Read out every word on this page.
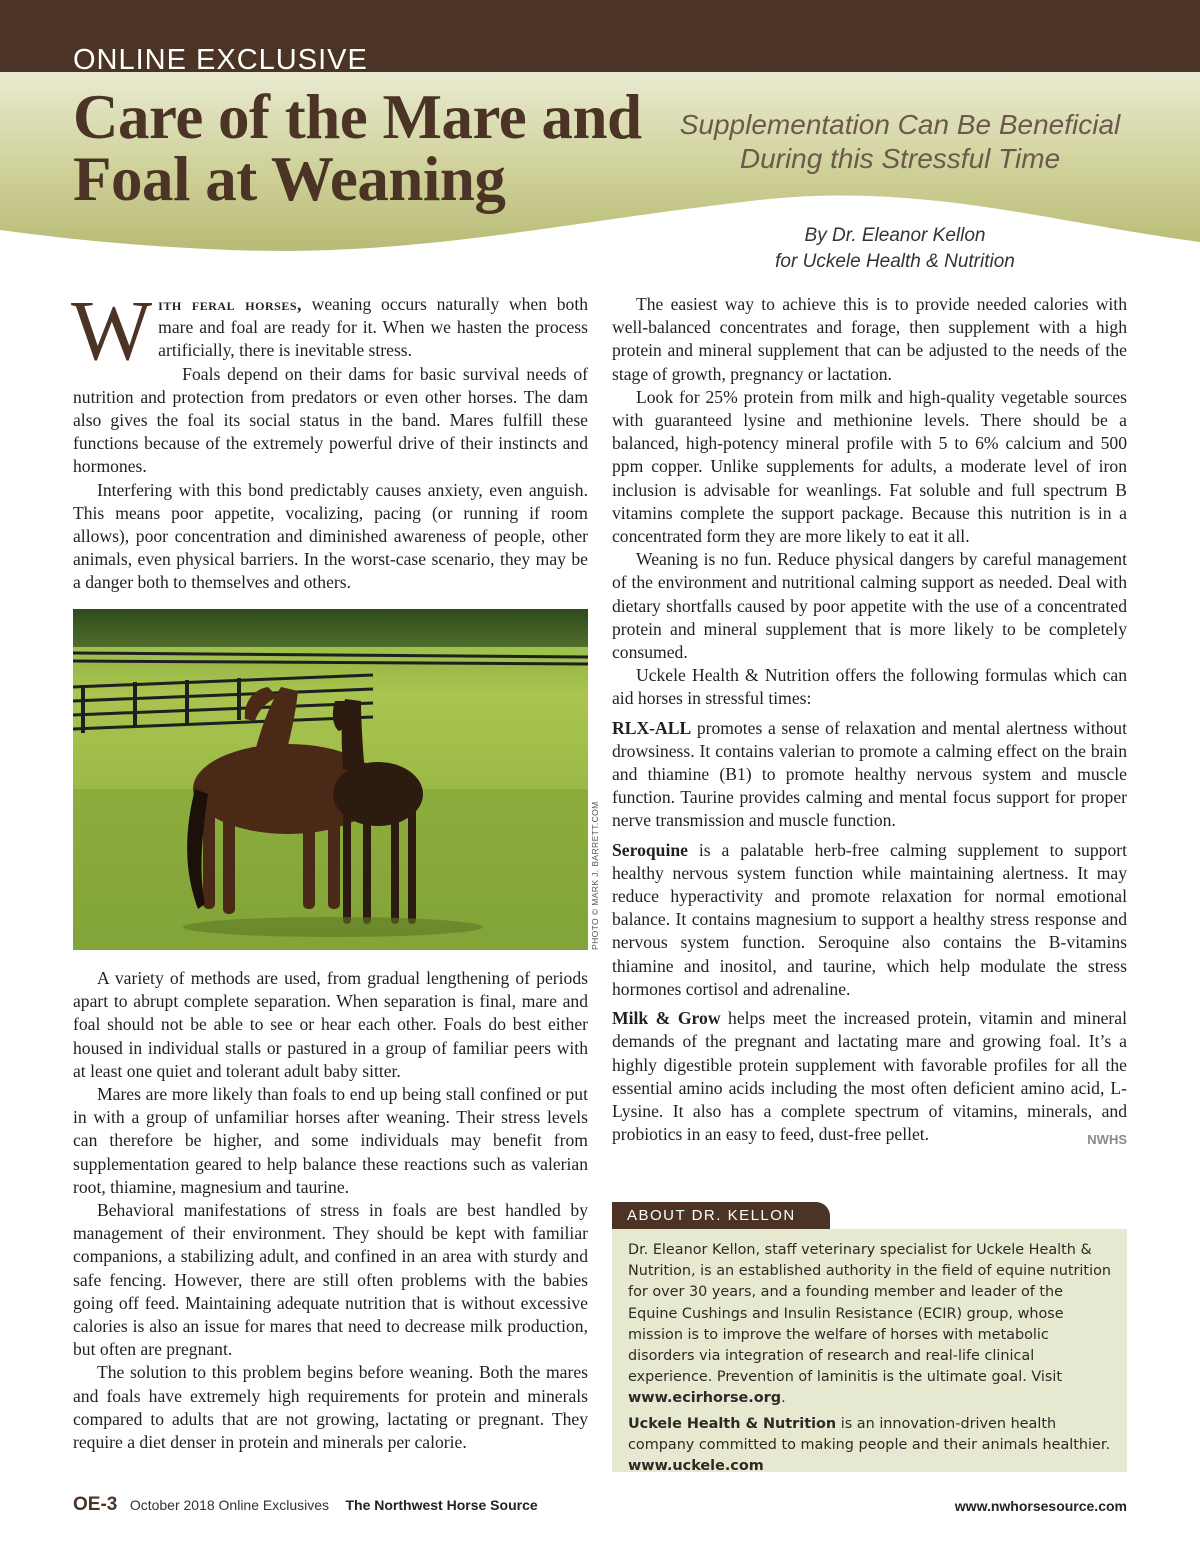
ONLINE EXCLUSIVE
Care of the Mare and Foal at Weaning
Supplementation Can Be Beneficial During this Stressful Time
By Dr. Eleanor Kellon
for Uckele Health & Nutrition

With feral horses, weaning occurs naturally when both mare and foal are ready for it. When we hasten the process artificially, there is inevitable stress.

Foals depend on their dams for basic survival needs of nutrition and protection from predators or even other horses. The dam also gives the foal its social status in the band. Mares fulfill these functions because of the extremely powerful drive of their instincts and hormones.

Interfering with this bond predictably causes anxiety, even anguish. This means poor appetite, vocalizing, pacing (or running if room allows), poor concentration and diminished awareness of people, other animals, even physical barriers. In the worst-case scenario, they may be a danger both to themselves and others.

PHOTO © MARK J. BARRETT.COM

A variety of methods are used, from gradual lengthening of periods apart to abrupt complete separation. When separation is final, mare and foal should not be able to see or hear each other. Foals do best either housed in individual stalls or pastured in a group of familiar peers with at least one quiet and tolerant adult baby sitter.

Mares are more likely than foals to end up being stall confined or put in with a group of unfamiliar horses after weaning. Their stress levels can therefore be higher, and some individuals may benefit from supplementation geared to help balance these reactions such as valerian root, thiamine, magnesium and taurine.

Behavioral manifestations of stress in foals are best handled by management of their environment. They should be kept with familiar companions, a stabilizing adult, and confined in an area with sturdy and safe fencing. However, there are still often problems with the babies going off feed. Maintaining adequate nutrition that is without excessive calories is also an issue for mares that need to decrease milk production, but often are pregnant.

The solution to this problem begins before weaning. Both the mares and foals have extremely high requirements for protein and minerals compared to adults that are not growing, lactating or pregnant. They require a diet denser in protein and minerals per calorie.

The easiest way to achieve this is to provide needed calories with well-balanced concentrates and forage, then supplement with a high protein and mineral supplement that can be adjusted to the needs of the stage of growth, pregnancy or lactation.

Look for 25% protein from milk and high-quality vegetable sources with guaranteed lysine and methionine levels. There should be a balanced, high-potency mineral profile with 5 to 6% calcium and 500 ppm copper. Unlike supplements for adults, a moderate level of iron inclusion is advisable for weanlings. Fat soluble and full spectrum B vitamins complete the support package. Because this nutrition is in a concentrated form they are more likely to eat it all.

Weaning is no fun. Reduce physical dangers by careful management of the environment and nutritional calming support as needed. Deal with dietary shortfalls caused by poor appetite with the use of a concentrated protein and mineral supplement that is more likely to be completely consumed.

Uckele Health & Nutrition offers the following formulas which can aid horses in stressful times:

RLX-ALL promotes a sense of relaxation and mental alertness without drowsiness. It contains valerian to promote a calming effect on the brain and thiamine (B1) to promote healthy nervous system and muscle function. Taurine provides calming and mental focus support for proper nerve transmission and muscle function.

Seroquine is a palatable herb-free calming supplement to support healthy nervous system function while maintaining alertness. It may reduce hyperactivity and promote relaxation for normal emotional balance. It contains magnesium to support a healthy stress response and nervous system function. Seroquine also contains the B-vitamins thiamine and inositol, and taurine, which help modulate the stress hormones cortisol and adrenaline.

Milk & Grow helps meet the increased protein, vitamin and mineral demands of the pregnant and lactating mare and growing foal. It’s a highly digestible protein supplement with favorable profiles for all the essential amino acids including the most often deficient amino acid, L-Lysine. It also has a complete spectrum of vitamins, minerals, and probiotics in an easy to feed, dust-free pellet.	NWHS

ABOUT DR. KELLON

Dr. Eleanor Kellon, staff veterinary specialist for Uckele Health & Nutrition, is an established authority in the field of equine nutrition for over 30 years, and a founding member and leader of the Equine Cushings and Insulin Resistance (ECIR) group, whose mission is to improve the welfare of horses with metabolic disorders via integration of research and real-life clinical experience. Prevention of laminitis is the ultimate goal. Visit www.ecirhorse.org.

Uckele Health & Nutrition is an innovation-driven health company committed to making people and their animals healthier.
www.uckele.com

OE-3 October 2018 Online Exclusives The Northwest Horse Source	www.nwhorsesource.com
